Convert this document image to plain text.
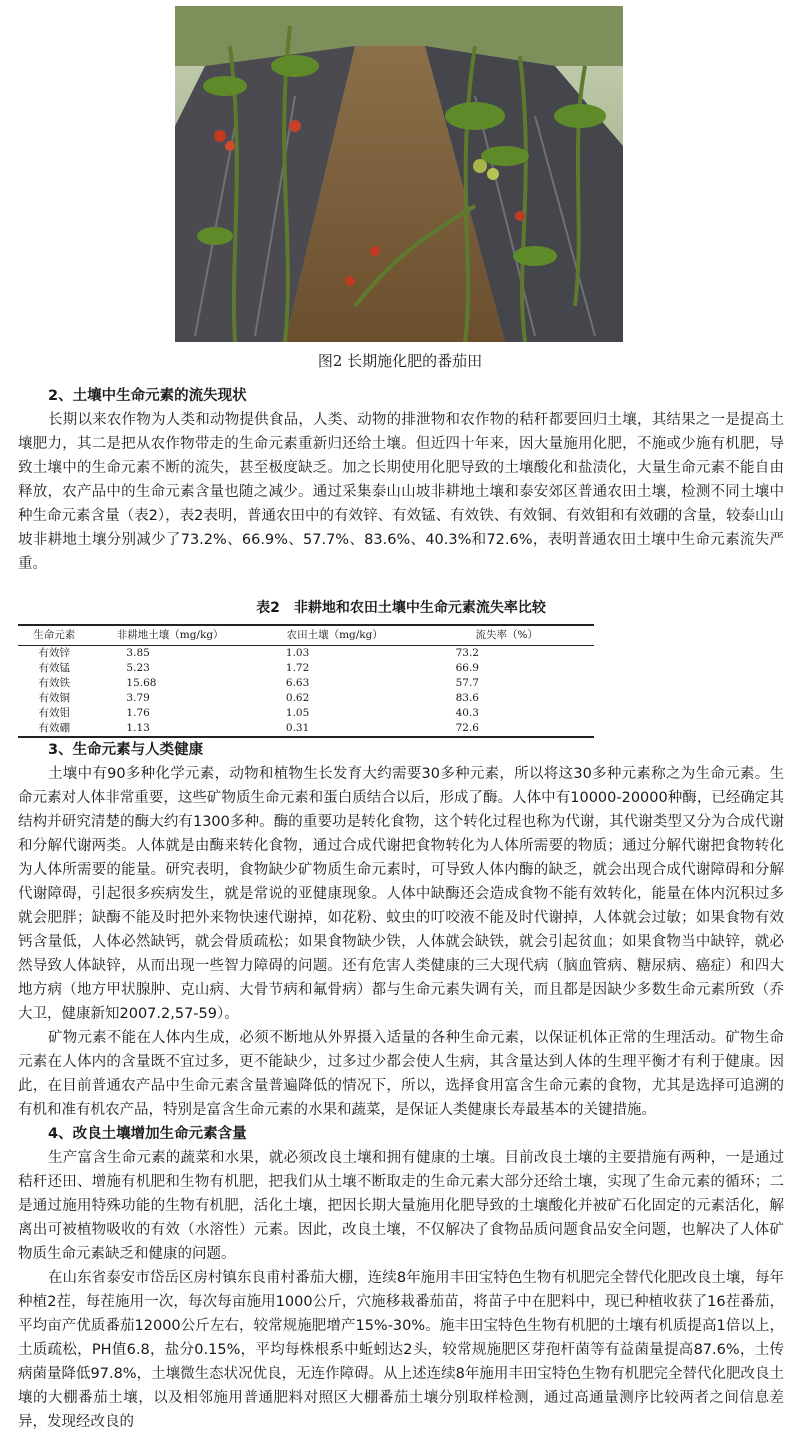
图2 长期施化肥的番茄田
2、土壤中生命元素的流失现状
长期以来农作物为人类和动物提供食品，人类、动物的排泄物和农作物的秸秆都要回归土壤，其结果之一是提高土壤肥力，其二是把从农作物带走的生命元素重新归还给土壤。但近四十年来，因大量施用化肥，不施或少施有机肥，导致土壤中的生命元素不断的流失，甚至极度缺乏。加之长期使用化肥导致的土壤酸化和盐渍化，大量生命元素不能自由释放，农产品中的生命元素含量也随之减少。通过采集泰山山坡非耕地土壤和泰安郊区普通农田土壤，检测不同土壤中种生命元素含量（表2），表2表明，普通农田中的有效锌、有效锰、有效铁、有效铜、有效钼和有效硼的含量，较泰山山坡非耕地土壤分别减少了73.2%、66.9%、57.7%、83.6%、40.3%和72.6%，表明普通农田土壤中生命元素流失严重。
表2　非耕地和农田土壤中生命元素流失率比较
生命元素	非耕地土壤（mg/kg）	农田土壤（mg/kg）	流失率（%）
有效锌	3.85	1.03	73.2
有效锰	5.23	1.72	66.9
有效铁	15.68	6.63	57.7
有效铜	3.79	0.62	83.6
有效钼	1.76	1.05	40.3
有效硼	1.13	0.31	72.6
3、生命元素与人类健康
土壤中有90多种化学元素，动物和植物生长发育大约需要30多种元素，所以将这30多种元素称之为生命元素。生命元素对人体非常重要，这些矿物质生命元素和蛋白质结合以后，形成了酶。人体中有10000-20000种酶，已经确定其结构并研究清楚的酶大约有1300多种。酶的重要功是转化食物，这个转化过程也称为代谢，其代谢类型又分为合成代谢和分解代谢两类。人体就是由酶来转化食物，通过合成代谢把食物转化为人体所需要的物质；通过分解代谢把食物转化为人体所需要的能量。研究表明，食物缺少矿物质生命元素时，可导致人体内酶的缺乏，就会出现合成代谢障碍和分解代谢障碍，引起很多疾病发生，就是常说的亚健康现象。人体中缺酶还会造成食物不能有效转化，能量在体内沉积过多就会肥胖；缺酶不能及时把外来物快速代谢掉，如花粉、蚊虫的叮咬液不能及时代谢掉，人体就会过敏；如果食物有效钙含量低，人体必然缺钙，就会骨质疏松；如果食物缺少铁，人体就会缺铁，就会引起贫血；如果食物当中缺锌，就必然导致人体缺锌，从而出现一些智力障碍的问题。还有危害人类健康的三大现代病（脑血管病、糖尿病、癌症）和四大地方病（地方甲状腺肿、克山病、大骨节病和氟骨病）都与生命元素失调有关，而且都是因缺少多数生命元素所致（乔大卫，健康新知2007.2,57-59）。
矿物元素不能在人体内生成，必须不断地从外界摄入适量的各种生命元素，以保证机体正常的生理活动。矿物生命元素在人体内的含量既不宜过多，更不能缺少，过多过少都会使人生病，其含量达到人体的生理平衡才有利于健康。因此，在目前普通农产品中生命元素含量普遍降低的情况下，所以，选择食用富含生命元素的食物，尤其是选择可追溯的有机和准有机农产品，特别是富含生命元素的水果和蔬菜，是保证人类健康长寿最基本的关键措施。
4、改良土壤增加生命元素含量
生产富含生命元素的蔬菜和水果，就必须改良土壤和拥有健康的土壤。目前改良土壤的主要措施有两种，一是通过秸秆还田、增施有机肥和生物有机肥，把我们从土壤不断取走的生命元素大部分还给土壤，实现了生命元素的循环；二是通过施用特殊功能的生物有机肥，活化土壤，把因长期大量施用化肥导致的土壤酸化并被矿石化固定的元素活化，解离出可被植物吸收的有效（水溶性）元素。因此，改良土壤，不仅解决了食物品质问题食品安全问题，也解决了人体矿物质生命元素缺乏和健康的问题。
在山东省泰安市岱岳区房村镇东良甫村番茄大棚，连续8年施用丰田宝特色生物有机肥完全替代化肥改良土壤，每年种植2茬，每茬施用一次，每次每亩施用1000公斤，穴施移栽番茄苗，将苗子中在肥料中，现已种植收获了16茬番茄，平均亩产优质番茄12000公斤左右，较常规施肥增产15%-30%。施丰田宝特色生物有机肥的土壤有机质提高1倍以上，土质疏松，PH值6.8，盐分0.15%，平均每株根系中蚯蚓达2头，较常规施肥区芽孢杆菌等有益菌量提高87.6%，土传病菌量降低97.8%，土壤微生态状况优良，无连作障碍。从上述连续8年施用丰田宝特色生物有机肥完全替代化肥改良土壤的大棚番茄土壤，以及相邻施用普通肥料对照区大棚番茄土壤分别取样检测，通过高通量测序比较两者之间信息差异，发现经改良的
